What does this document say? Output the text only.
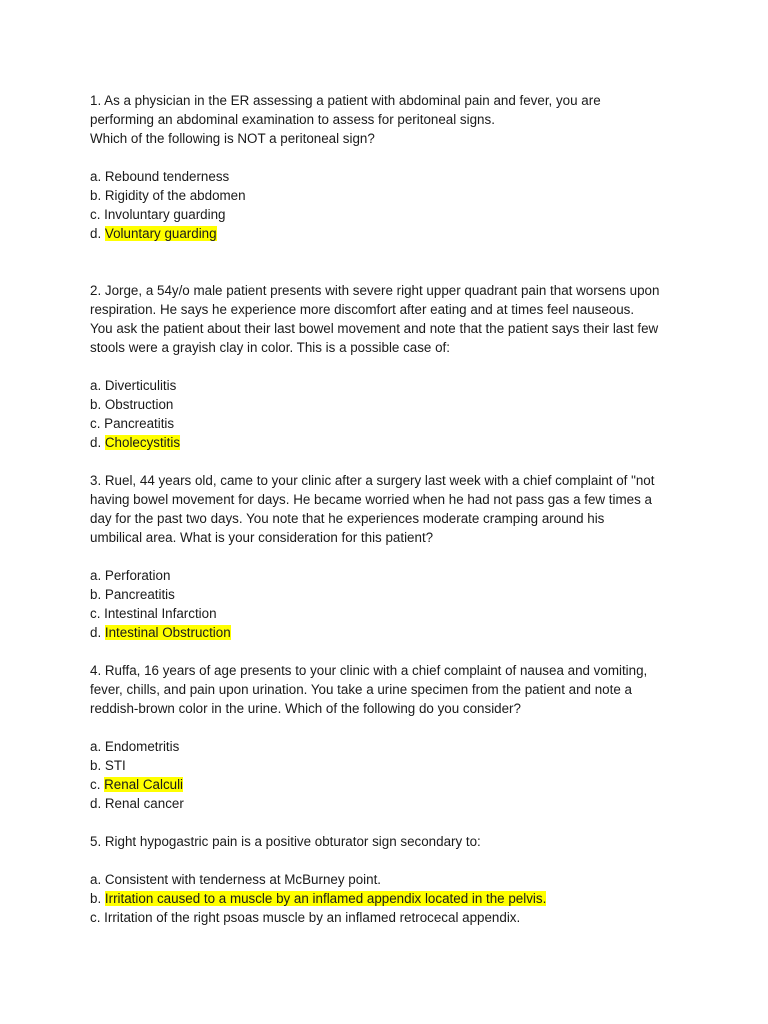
1. As a physician in the ER assessing a patient with abdominal pain and fever, you are

performing an abdominal examination to assess for peritoneal signs.

Which of the following is NOT a peritoneal sign?

a. Rebound tenderness
b. Rigidity of the abdomen
c. Involuntary guarding
d. Voluntary guarding

2. Jorge, a 54y/o male patient presents with severe right upper quadrant pain that worsens upon

respiration. He says he experience more discomfort after eating and at times feel nauseous.

You ask the patient about their last bowel movement and note that the patient says their last few

stools were a grayish clay in color. This is a possible case of:

a. Diverticulitis
b. Obstruction
c. Pancreatitis
d. Cholecystitis

3. Ruel, 44 years old, came to your clinic after a surgery last week with a chief complaint of "not

having bowel movement for days. He became worried when he had not pass gas a few times a

day for the past two days. You note that he experiences moderate cramping around his

umbilical area. What is your consideration for this patient?

a. Perforation
b. Pancreatitis
c. Intestinal Infarction
d. Intestinal Obstruction

4. Ruffa, 16 years of age presents to your clinic with a chief complaint of nausea and vomiting,

fever, chills, and pain upon urination. You take a urine specimen from the patient and note a

reddish-brown color in the urine. Which of the following do you consider?

a. Endometritis
b. STI
c. Renal Calculi
d. Renal cancer

5. Right hypogastric pain is a positive obturator sign secondary to:

a. Consistent with tenderness at McBurney point.
b. Irritation caused to a muscle by an inflamed appendix located in the pelvis.
c. Irritation of the right psoas muscle by an inflamed retrocecal appendix.
